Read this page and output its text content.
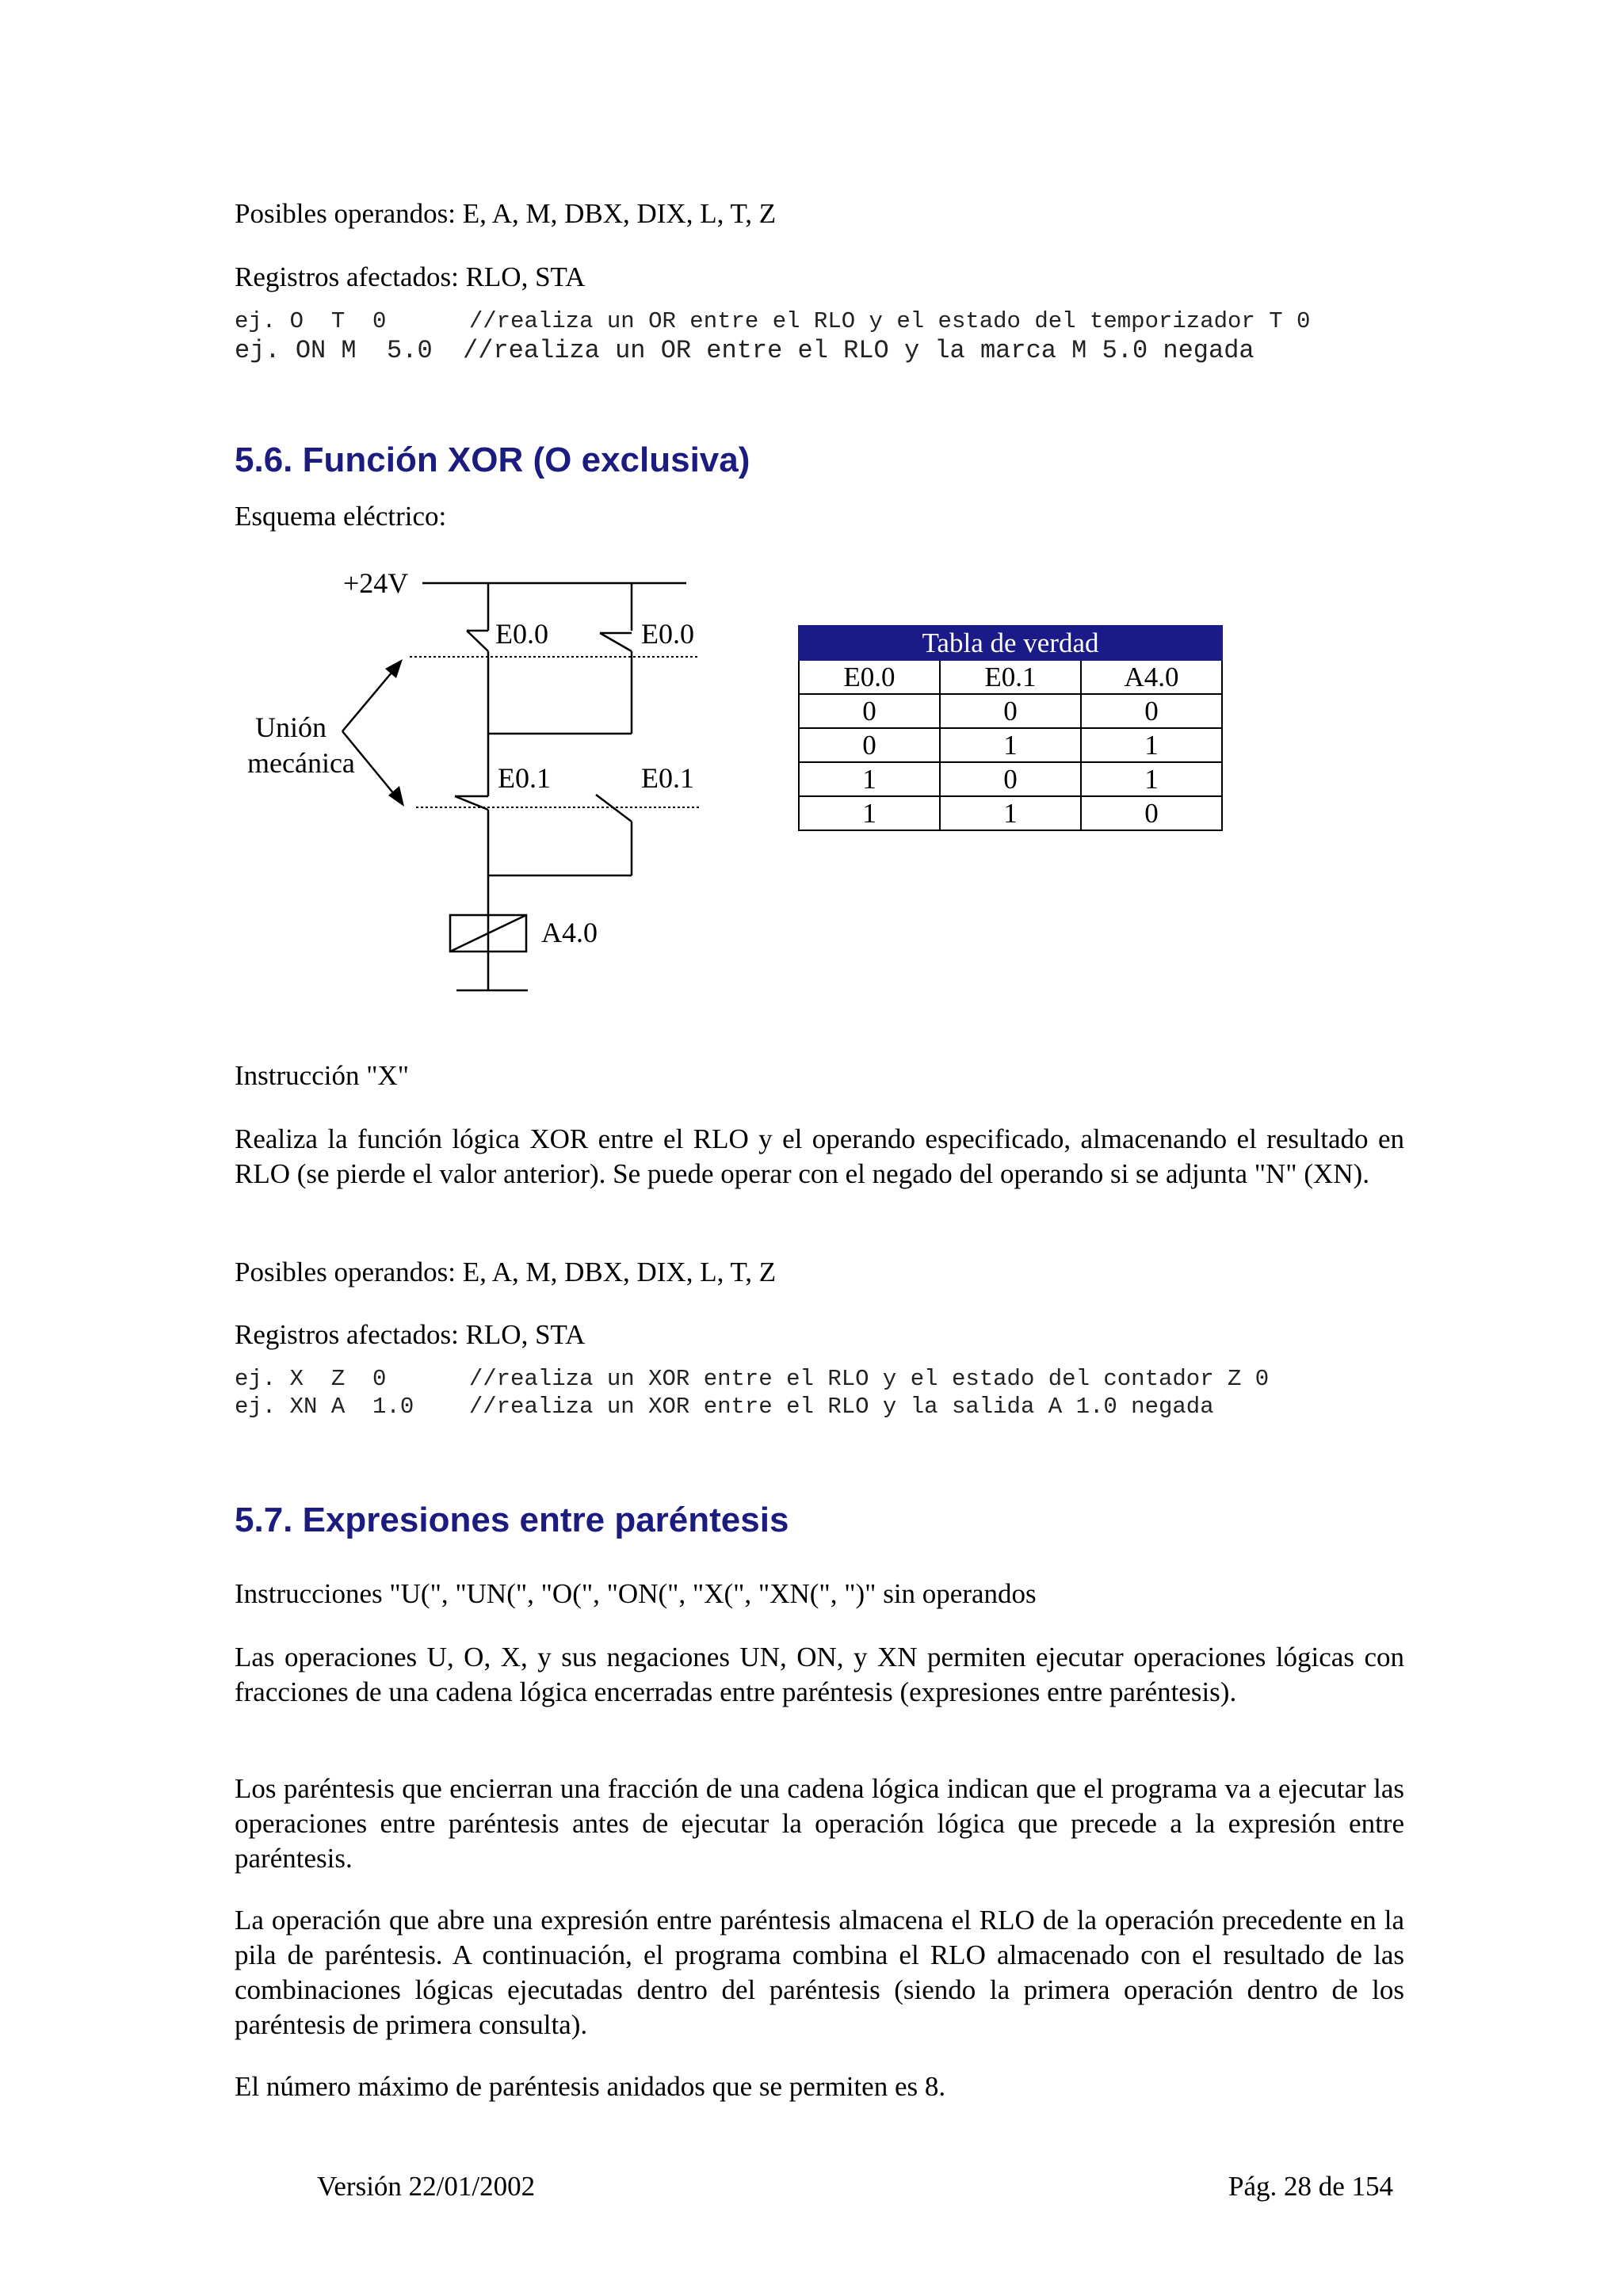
Posibles operandos: E, A, M, DBX, DIX, L, T, Z

Registros afectados: RLO, STA

ej. O  T  0      //realiza un OR entre el RLO y el estado del temporizador T 0

ej. ON M  5.0  //realiza un OR entre el RLO y la marca M 5.0 negada

5.6. Función XOR (O exclusiva)

Esquema eléctrico:

+24V
E0.0	E0.0
E0.1	E0.1
Unión
mecánica
A4.0
Tabla de verdad		
E0.0	E0.1	A4.0
0	0	0
0	1	1
1	0	1
1	1	0

Instrucción "X"

Realiza la función lógica XOR entre el RLO y el operando especificado, almacenando el resultado en RLO (se pierde el valor anterior). Se puede operar con el negado del operando si se adjunta "N" (XN).

Posibles operandos: E, A, M, DBX, DIX, L, T, Z

Registros afectados: RLO, STA

ej. X  Z  0      //realiza un XOR entre el RLO y el estado del contador Z 0

ej. XN A  1.0    //realiza un XOR entre el RLO y la salida A 1.0 negada

5.7. Expresiones entre paréntesis

Instrucciones "U(", "UN(", "O(", "ON(", "X(", "XN(", ")" sin operandos

Las operaciones U, O, X, y sus negaciones UN, ON, y XN permiten ejecutar operaciones lógicas con fracciones de una cadena lógica encerradas entre paréntesis (expresiones entre paréntesis).

Los paréntesis que encierran una fracción de una cadena lógica indican que el programa va a ejecutar las operaciones entre paréntesis antes de ejecutar la operación lógica que precede a la expresión entre paréntesis.

La operación que abre una expresión entre paréntesis almacena el RLO de la operación precedente en la pila de paréntesis. A continuación, el programa combina el RLO almacenado con el resultado de las combinaciones lógicas ejecutadas dentro del paréntesis (siendo la primera operación dentro de los paréntesis de primera consulta).

El número máximo de paréntesis anidados que se permiten es 8.

Versión 22/01/2002	Pág. 28 de 154
